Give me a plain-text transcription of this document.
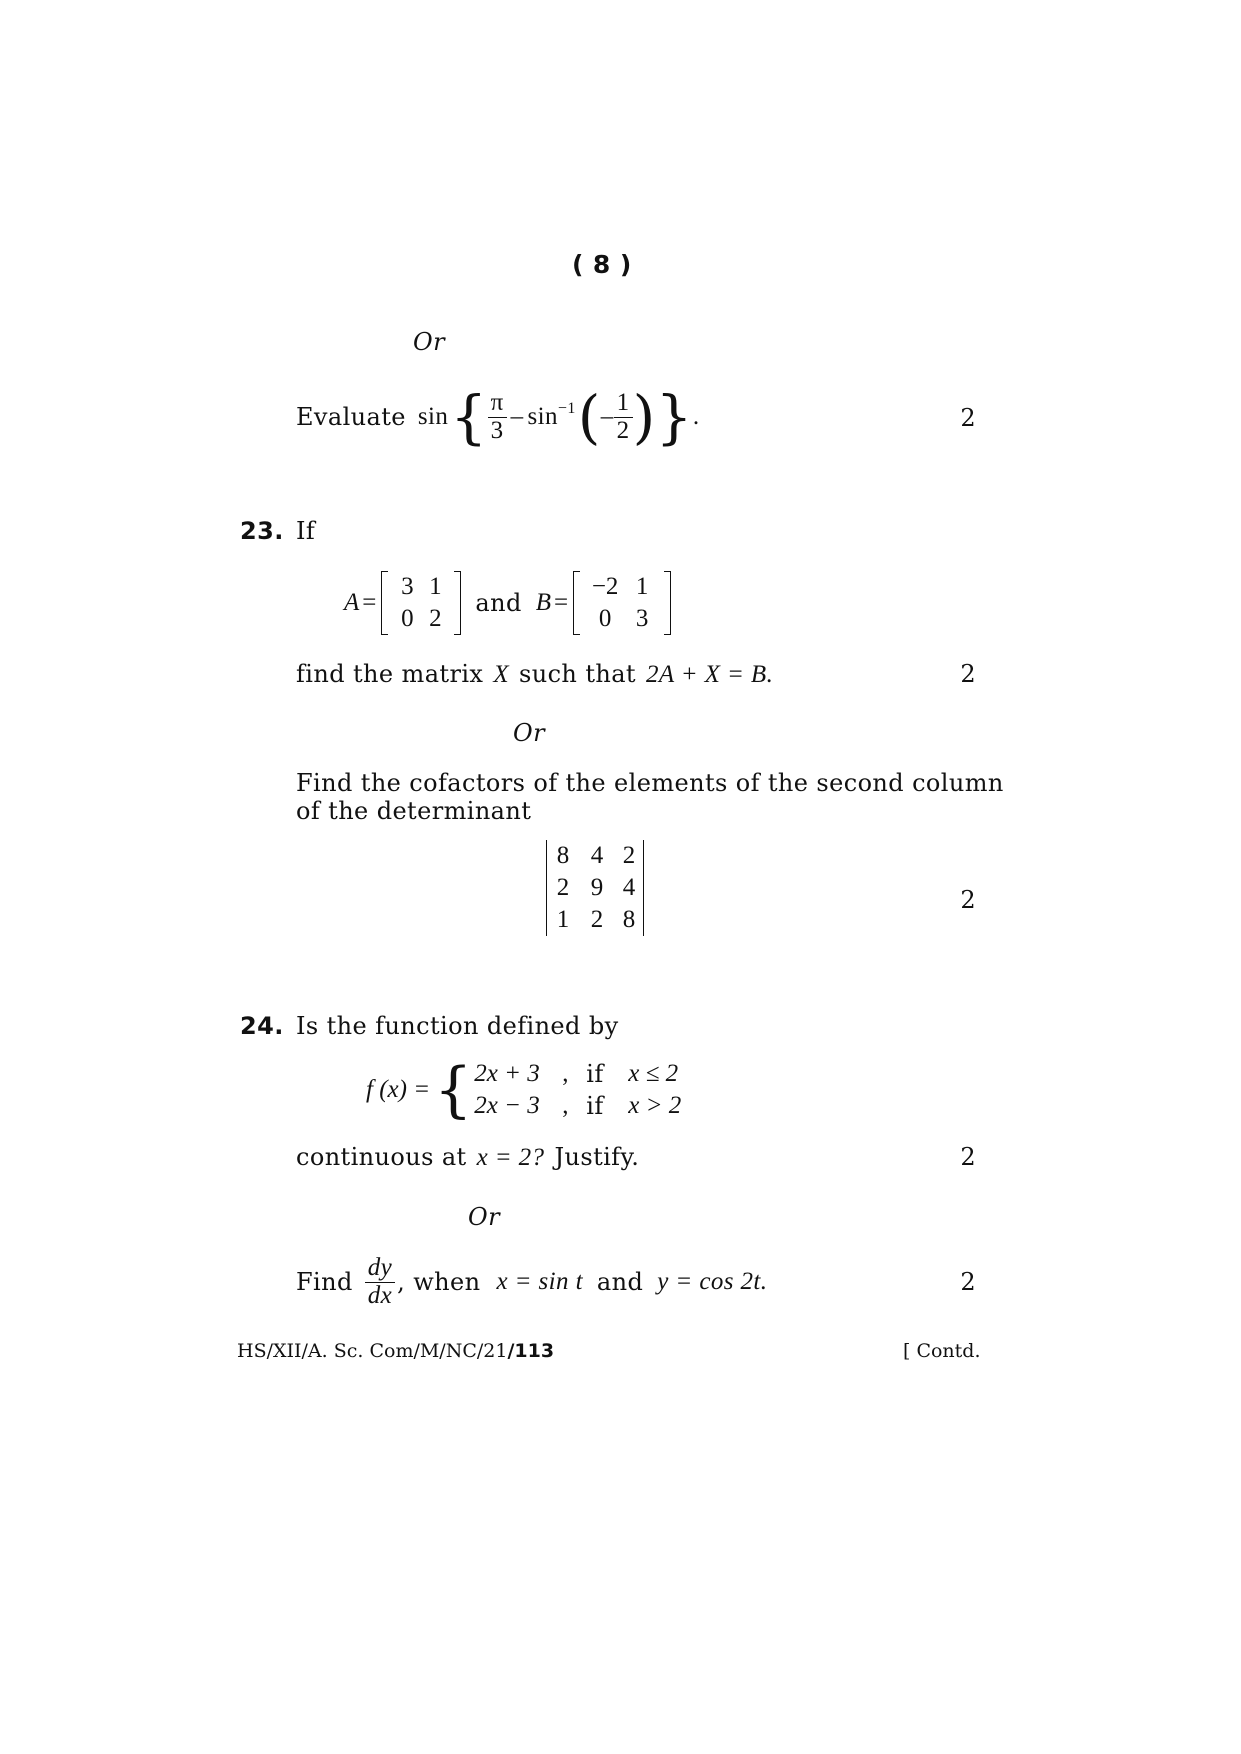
( 8 )
Or
Evaluate sin { $\frac{\pi}{3} - \sin^{-1}$ ( – $\frac{1}{2}$ ) } .	2
23. If
A =
3 1
0 2
and B =
−2 1
0 3
find the matrix X such that 2A + X = B.	2
Or
Find the cofactors of the elements of the second column
of the determinant
8 4 2
2 9 4
1 2 8
2
24. Is the function defined by
f (x) = { 2x + 3 , if x ≤ 2
2x − 3 , if x > 2
continuous at x = 2? Justify.	2
Or
Find $\frac{dy}{dx}$ , when x = sin t and y = cos 2t.	2
HS/XII/A. Sc. Com/M/NC/21/113	[ Contd.
